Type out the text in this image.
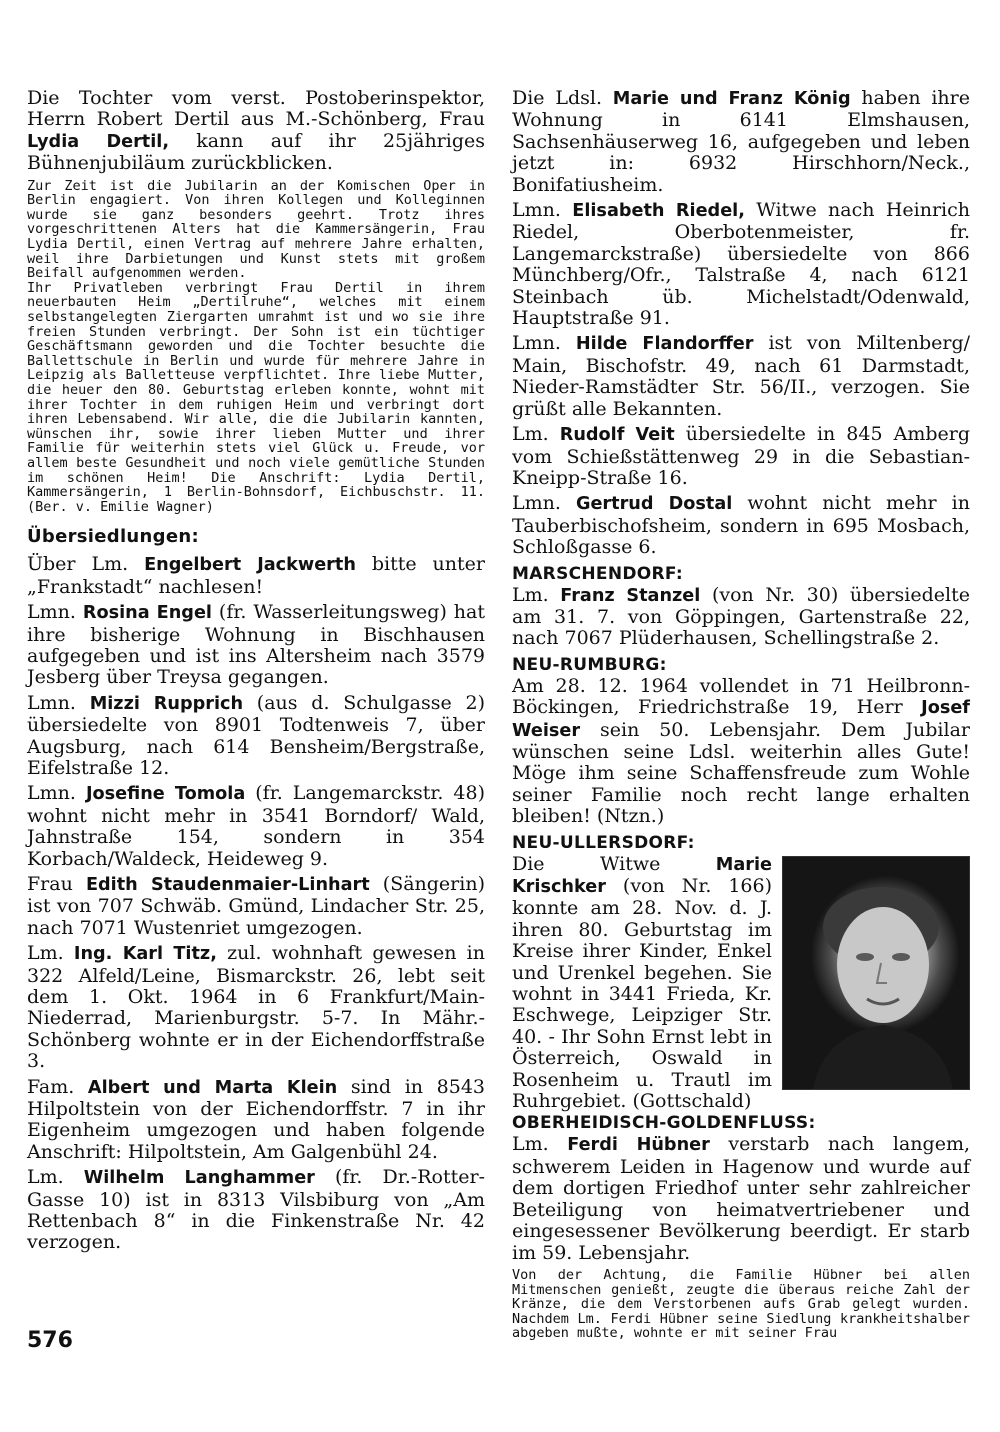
Die Tochter vom verst. Postoberinspektor, Herrn Robert Dertil aus M.-Schönberg, Frau Lydia Dertil, kann auf ihr 25jähriges Bühnenjubiläum zurückblicken.

Zur Zeit ist die Jubilarin an der Komischen Oper in Berlin engagiert. Von ihren Kollegen und Kolleginnen wurde sie ganz besonders geehrt. Trotz ihres vorgeschrittenen Alters hat die Kammersängerin, Frau Lydia Dertil, einen Vertrag auf mehrere Jahre erhalten, weil ihre Darbietungen und Kunst stets mit großem Beifall aufgenommen werden.

Ihr Privatleben verbringt Frau Dertil in ihrem neuerbauten Heim „Dertilruhe“, welches mit einem selbstangelegten Ziergarten umrahmt ist und wo sie ihre freien Stunden verbringt. Der Sohn ist ein tüchtiger Geschäftsmann geworden und die Tochter besuchte die Ballettschule in Berlin und wurde für mehrere Jahre in Leipzig als Balletteuse verpflichtet. Ihre liebe Mutter, die heuer den 80. Geburtstag erleben konnte, wohnt mit ihrer Tochter in dem ruhigen Heim und verbringt dort ihren Lebensabend. Wir alle, die die Jubilarin kannten, wünschen ihr, sowie ihrer lieben Mutter und ihrer Familie für weiterhin stets viel Glück u. Freude, vor allem beste Gesundheit und noch viele gemütliche Stunden im schönen Heim! Die Anschrift: Lydia Dertil, Kammersängerin, 1 Berlin-Bohnsdorf, Eichbuschstr. 11. (Ber. v. Emilie Wagner)

Übersiedlungen:

Über Lm. Engelbert Jackwerth bitte unter „Frankstadt“ nachlesen!

Lmn. Rosina Engel (fr. Wasserleitungsweg) hat ihre bisherige Wohnung in Bischhausen aufgegeben und ist ins Altersheim nach 3579 Jesberg über Treysa gegangen.

Lmn. Mizzi Rupprich (aus d. Schulgasse 2) übersiedelte von 8901 Todtenweis 7, über Augsburg, nach 614 Bensheim/Bergstraße, Eifelstraße 12.

Lmn. Josefine Tomola (fr. Langemarckstr. 48) wohnt nicht mehr in 3541 Borndorf/ Wald, Jahnstraße 154, sondern in 354 Korbach/Waldeck, Heideweg 9.

Frau Edith Staudenmaier-Linhart (Sängerin) ist von 707 Schwäb. Gmünd, Lindacher Str. 25, nach 7071 Wustenriet umgezogen.

Lm. Ing. Karl Titz, zul. wohnhaft gewesen in 322 Alfeld/Leine, Bismarckstr. 26, lebt seit dem 1. Okt. 1964 in 6 Frankfurt/Main-Niederrad, Marienburgstr. 5-7. In Mähr.-Schönberg wohnte er in der Eichendorffstraße 3.

Fam. Albert und Marta Klein sind in 8543 Hilpoltstein von der Eichendorffstr. 7 in ihr Eigenheim umgezogen und haben folgende Anschrift: Hilpoltstein, Am Galgenbühl 24.

Lm. Wilhelm Langhammer (fr. Dr.-Rotter-Gasse 10) ist in 8313 Vilsbiburg von „Am Rettenbach 8“ in die Finkenstraße Nr. 42 verzogen.

Die Ldsl. Marie und Franz König haben ihre Wohnung in 6141 Elmshausen, Sachsenhäuserweg 16, aufgegeben und leben jetzt in: 6932 Hirschhorn/Neck., Bonifatiusheim.

Lmn. Elisabeth Riedel, Witwe nach Heinrich Riedel, Oberbotenmeister, fr. Langemarckstraße) übersiedelte von 866 Münchberg/Ofr., Talstraße 4, nach 6121 Steinbach üb. Michelstadt/Odenwald, Hauptstraße 91.

Lmn. Hilde Flandorffer ist von Miltenberg/ Main, Bischofstr. 49, nach 61 Darmstadt, Nieder-Ramstädter Str. 56/II., verzogen. Sie grüßt alle Bekannten.

Lm. Rudolf Veit übersiedelte in 845 Amberg vom Schießstättenweg 29 in die Sebastian-Kneipp-Straße 16.

Lmn. Gertrud Dostal wohnt nicht mehr in Tauberbischofsheim, sondern in 695 Mosbach, Schloßgasse 6.

MARSCHENDORF:

Lm. Franz Stanzel (von Nr. 30) übersiedelte am 31. 7. von Göppingen, Gartenstraße 22, nach 7067 Plüderhausen, Schellingstraße 2.

NEU-RUMBURG:

Am 28. 12. 1964 vollendet in 71 Heilbronn-Böckingen, Friedrichstraße 19, Herr Josef Weiser sein 50. Lebensjahr. Dem Jubilar wünschen seine Ldsl. weiterhin alles Gute! Möge ihm seine Schaffensfreude zum Wohle seiner Familie noch recht lange erhalten bleiben! (Ntzn.)

NEU-ULLERSDORF:

Die Witwe Marie Krischker (von Nr. 166) konnte am 28. Nov. d. J. ihren 80. Geburtstag im Kreise ihrer Kinder, Enkel und Urenkel begehen. Sie wohnt in 3441 Frieda, Kr. Eschwege, Leipziger Str. 40. - Ihr Sohn Ernst lebt in Österreich, Oswald in Rosenheim u. Trautl im Ruhrgebiet. (Gottschald)

OBERHEIDISCH-GOLDENFLUSS:

Lm. Ferdi Hübner verstarb nach langem, schwerem Leiden in Hagenow und wurde auf dem dortigen Friedhof unter sehr zahlreicher Beteiligung von heimatvertriebener und eingesessener Bevölkerung beerdigt. Er starb im 59. Lebensjahr.

Von der Achtung, die Familie Hübner bei allen Mitmenschen genießt, zeugte die überaus reiche Zahl der Kränze, die dem Verstorbenen aufs Grab gelegt wurden. Nachdem Lm. Ferdi Hübner seine Siedlung krankheitshalber abgeben mußte, wohnte er mit seiner Frau

576
